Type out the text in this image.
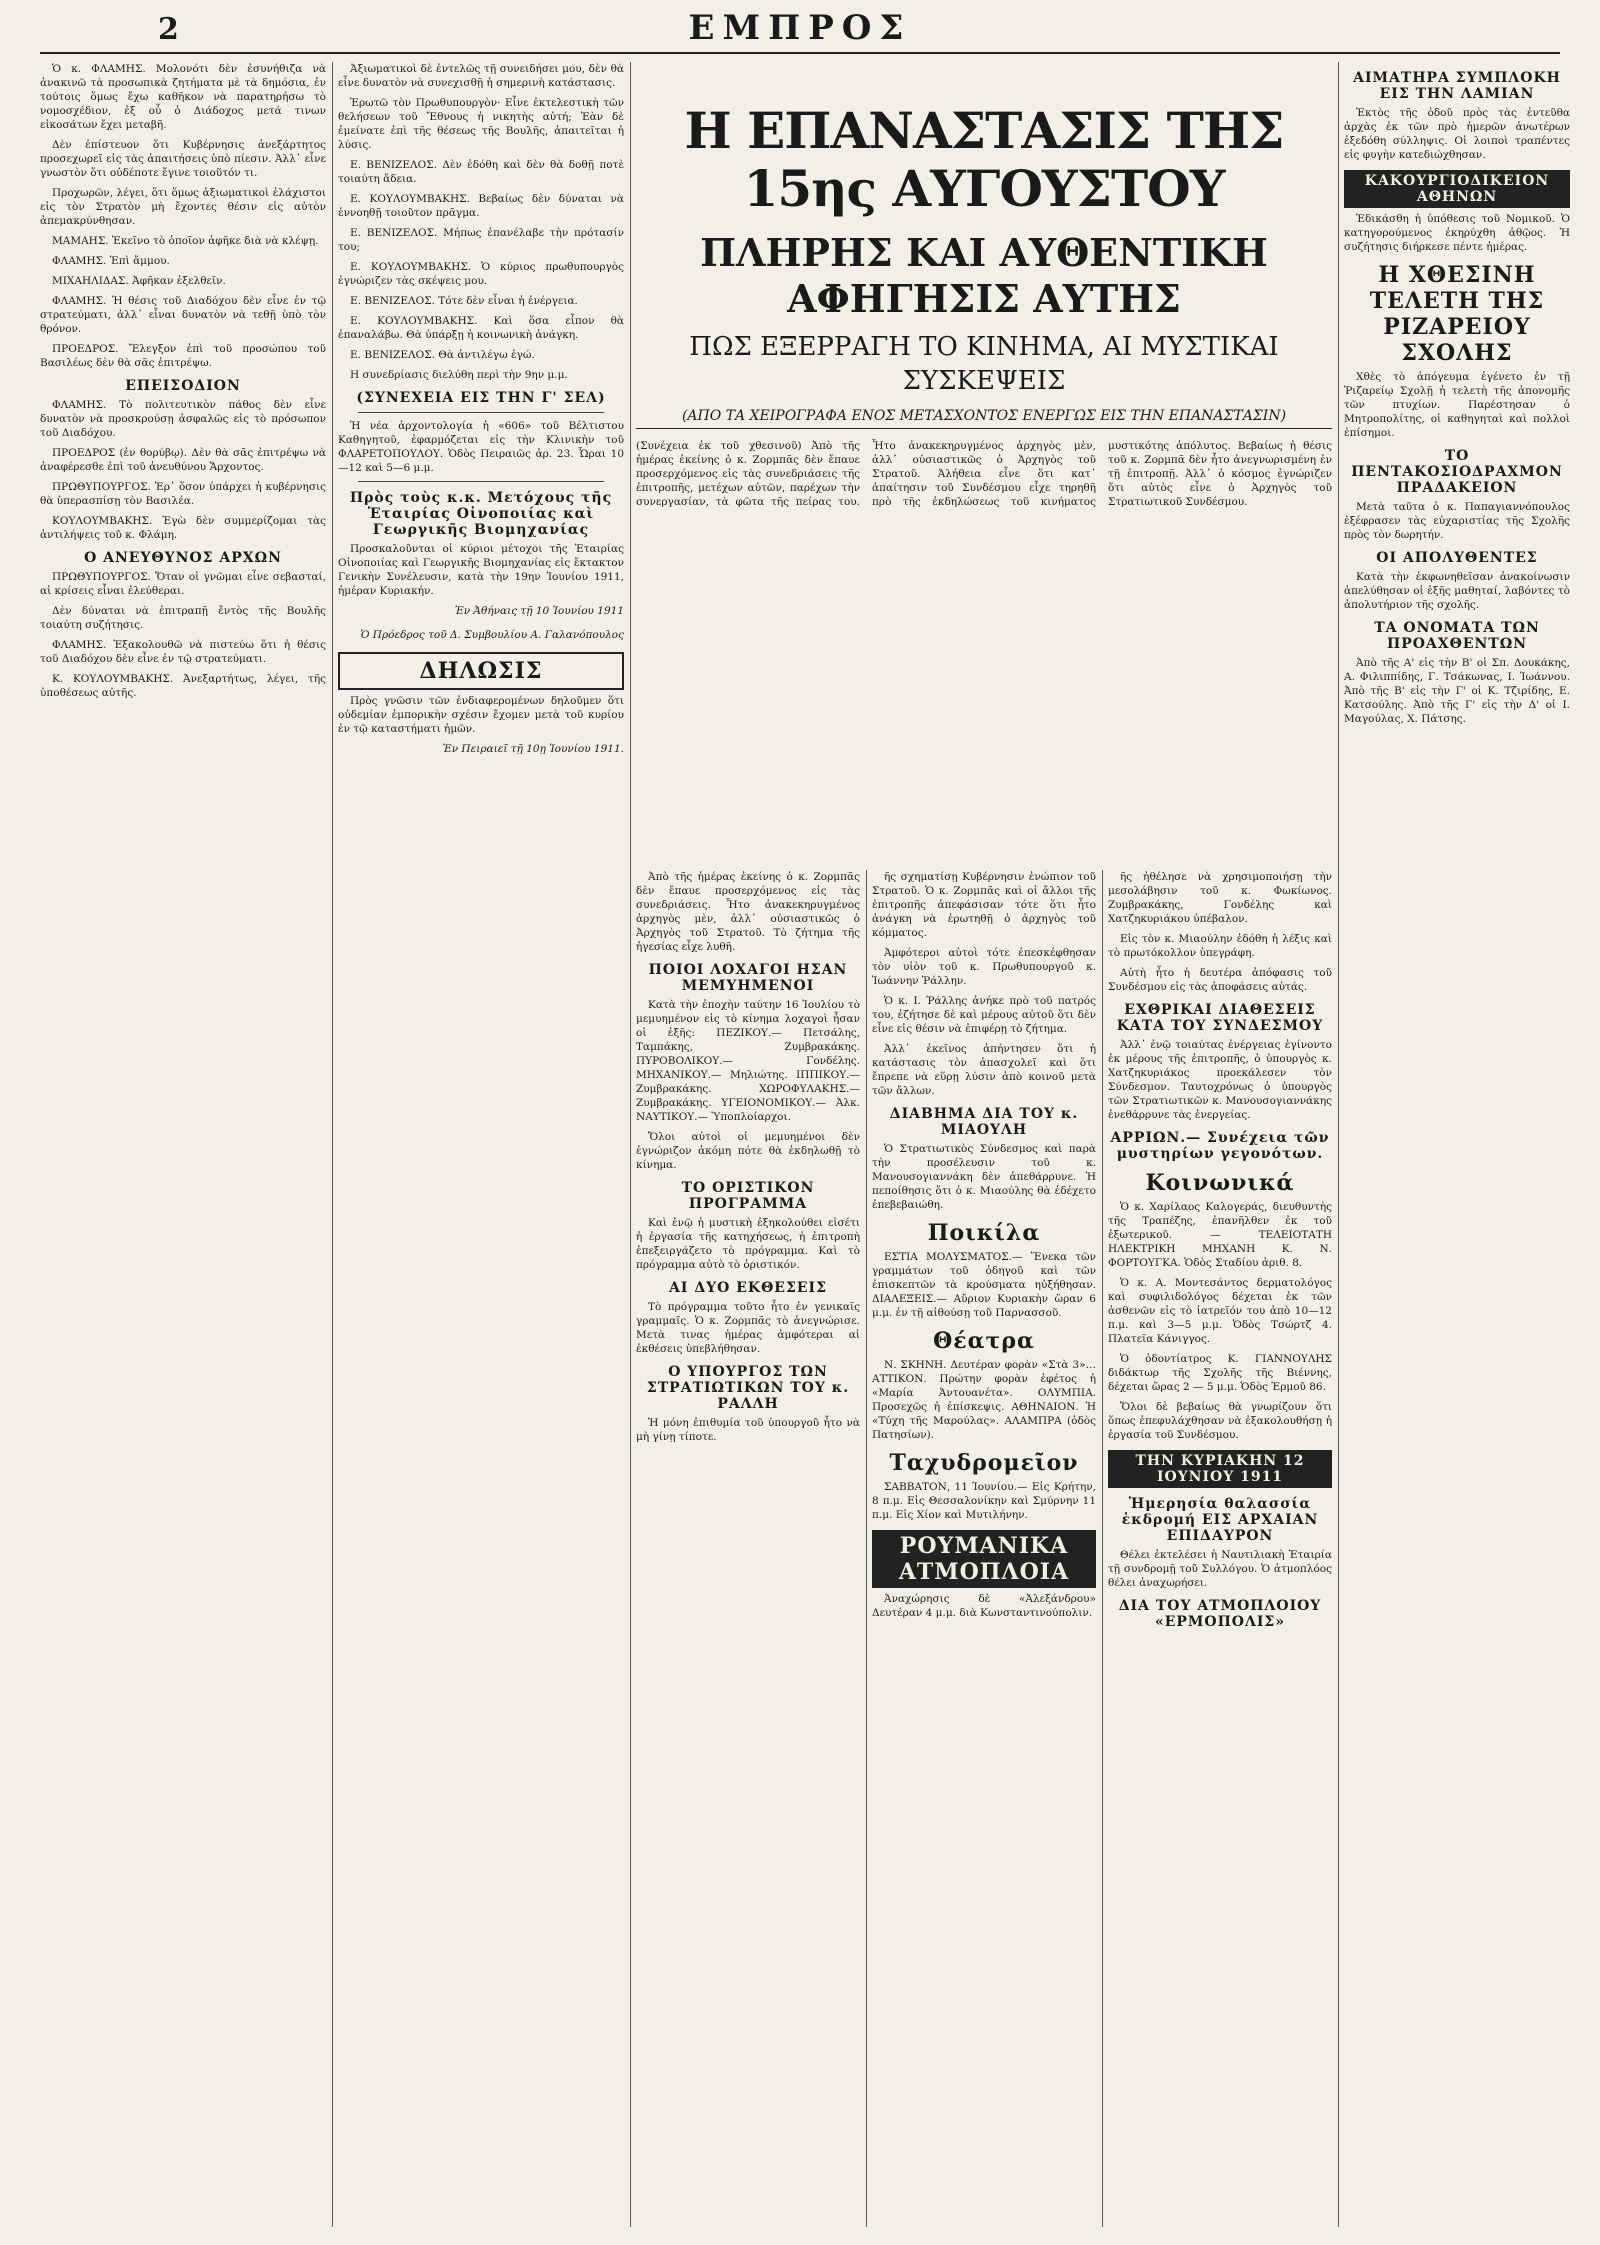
2	ΕΜΠΡΟΣ

Ὁ κ. ΦΛΑΜΗΣ. Μολονότι δὲν ἐσυνήθιζα νὰ ἀνακινῶ τὰ προσωπικὰ ζητήματα μὲ τὰ δημόσια, ἐν τούτοις ὅμως ἔχω καθῆκον νὰ παρατηρήσω τὸ νομοσχέδιον, ἐξ οὗ ὁ Διάδοχος μετά τινων εἰκοσάτων ἔχει μεταβῆ.

Δὲν ἐπίστευον ὅτι Κυβέρνησις ἀνεξάρτητος προσεχωρεῖ εἰς τὰς ἀπαιτήσεις ὑπὸ πίεσιν. Ἀλλ᾽ εἶνε γνωστὸν ὅτι οὐδέποτε ἔγινε τοιοῦτόν τι.

Προχωρῶν, λέγει, ὅτι ὅμως ἀξιωματικοὶ ἐλάχιστοι εἰς τὸν Στρατὸν μὴ ἔχοντες θέσιν εἰς αὐτὸν ἀπεμακρύνθησαν.

ΜΑΜΑΗΣ. Ἐκεῖνο τὸ ὁποῖον ἀφῆκε διὰ νὰ κλέψῃ.

ΦΛΑΜΗΣ. Ἐπὶ ἄμμου.

ΜΙΧΑΗΛΙΔΑΣ. Ἀφῆκαν ἐξελθεῖν.

ΦΛΑΜΗΣ. Ἡ θέσις τοῦ Διαδόχου δὲν εἶνε ἐν τῷ στρατεύματι, ἀλλ᾽ εἶναι δυνατὸν νὰ τεθῇ ὑπὸ τὸν θρόνον.

ΠΡΟΕΔΡΟΣ. Ἔλεγξον ἐπὶ τοῦ προσώπου τοῦ Βασιλέως δὲν θὰ σᾶς ἐπιτρέψω.

ΕΠΕΙΣΟΔΙΟΝ

ΦΛΑΜΗΣ. Τὸ πολιτευτικὸν πάθος δὲν εἶνε δυνατὸν νὰ προσκρούσῃ ἀσφαλῶς εἰς τὸ πρόσωπον τοῦ Διαδόχου.

ΠΡΟΕΔΡΟΣ (ἐν θορύβῳ). Δὲν θὰ σᾶς ἐπιτρέψω νὰ ἀναφέρεσθε ἐπὶ τοῦ ἀνευθύνου Ἄρχοντος.

ΠΡΩΘΥΠΟΥΡΓΟΣ. Ἐρ᾽ ὅσον ὑπάρχει ἡ κυβέρνησις θὰ ὑπερασπίσῃ τὸν Βασιλέα.

ΚΟΥΛΟΥΜΒΑΚΗΣ. Ἐγὼ δὲν συμμερίζομαι τὰς ἀντιλήψεις τοῦ κ. Φλάμη.

Ο ΑΝΕΥΘΥΝΟΣ ΑΡΧΩΝ

ΠΡΩΘΥΠΟΥΡΓΟΣ. Ὅταν οἱ γνῶμαι εἶνε σεβασταί, αἱ κρίσεις εἶναι ἐλεύθεραι.

Δὲν δύναται νὰ ἐπιτραπῇ ἔντὸς τῆς Βουλῆς τοιαύτη συζήτησις.

ΦΛΑΜΗΣ. Ἐξακολουθῶ νὰ πιστεύω ὅτι ἡ θέσις τοῦ Διαδόχου δὲν εἶνε ἐν τῷ στρατεύματι.

Κ. ΚΟΥΛΟΥΜΒΑΚΗΣ. Ἀνεξαρτήτως, λέγει, τῆς ὑποθέσεως αὐτῆς.

Ἀξιωματικοὶ δὲ ἐντελῶς τῇ συνειδήσει μου, δὲν θὰ εἶνε δυνατὸν νὰ συνεχισθῇ ἡ σημερινὴ κατάστασις.

Ἐρωτῶ τὸν Πρωθυπουργὸν· Εἶνε ἐκτελεστικὴ τῶν θελήσεων τοῦ Ἔθνους ἡ νικητὴς αὐτή; Ἐὰν δὲ ἐμείνατε ἐπὶ τῆς θέσεως τῆς Βουλῆς, ἀπαιτεῖται ἡ λύσις.

Ε. ΒΕΝΙΖΕΛΟΣ. Δὲν ἐδόθη καὶ δὲν θὰ δοθῇ ποτὲ τοιαύτη ἄδεια.

Ε. ΚΟΥΛΟΥΜΒΑΚΗΣ. Βεβαίως δὲν δύναται νὰ ἐννοηθῇ τοιοῦτον πρᾶγμα.

Ε. ΒΕΝΙΖΕΛΟΣ. Μήπως ἐπανέλαβε τὴν πρότασίν του;

Ε. ΚΟΥΛΟΥΜΒΑΚΗΣ. Ὁ κύριος πρωθυπουργὸς ἐγνώριζεν τὰς σκέψεις μου.

Ε. ΒΕΝΙΖΕΛΟΣ. Τότε δὲν εἶναι ἡ ἐνέργεια.

Ε. ΚΟΥΛΟΥΜΒΑΚΗΣ. Καὶ ὅσα εἶπον θὰ ἐπαναλάβω. Θὰ ὑπάρξῃ ἡ κοινωνικὴ ἀνάγκη.

Ε. ΒΕΝΙΖΕΛΟΣ. Θὰ ἀντιλέγω ἐγώ.

Η συνεδρίασις διελύθη περὶ τὴν 9ην μ.μ.

(ΣΥΝΕΧΕΙΑ ΕΙΣ ΤΗΝ Γ' ΣΕΛ)

Ἡ νέα ἀρχοντολογία ἡ «606» τοῦ Βέλτιστου Καθηγητοῦ, ἐφαρμόζεται εἰς τὴν Κλινικὴν τοῦ ΦΛΑΡΕΤΟΠΟΥΛΟΥ. Ὁδὸς Πειραιῶς ἀρ. 23. Ὧραι 10—12 καὶ 5—6 μ.μ.

Πρὸς τοὺς κ.κ. Μετόχους τῆς Ἑταιρίας Οἰνοποιίας καὶ Γεωργικῆς Βιομηχανίας

Προσκαλοῦνται οἱ κύριοι μέτοχοι τῆς Ἑταιρίας Οἰνοποιίας καὶ Γεωργικῆς Βιομηχανίας εἰς ἔκτακτον Γενικὴν Συνέλευσιν, κατὰ τὴν 19ην Ἰουνίου 1911, ἡμέραν Κυριακήν.

Ἐν Ἀθήναις τῇ 10 Ἰουνίου 1911
Ὁ Πρόεδρος τοῦ Δ. Συμβουλίου Α. Γαλανόπουλος
ΔΗΛΩΣΙΣ

Πρὸς γνῶσιν τῶν ἐνδιαφερομένων δηλοῦμεν ὅτι οὐδεμίαν ἐμπορικὴν σχέσιν ἔχομεν μετὰ τοῦ κυρίου ἐν τῷ καταστήματι ἡμῶν.

Ἐν Πειραιεῖ τῇ 10ῃ Ἰουνίου 1911.
Η ΕΠΑΝΑΣΤΑΣΙΣ ΤΗΣ 15ης ΑΥΓΟΥΣΤΟΥ
ΠΛΗΡΗΣ ΚΑΙ ΑΥΘΕΝΤΙΚΗ ΑΦΗΓΗΣΙΣ ΑΥΤΗΣ
ΠΩΣ ΕΞΕΡΡΑΓΗ ΤΟ ΚΙΝΗΜΑ, ΑΙ ΜΥΣΤΙΚΑΙ ΣΥΣΚΕΨΕΙΣ
(ΑΠΟ ΤΑ ΧΕΙΡΟΓΡΑΦΑ ΕΝΟΣ ΜΕΤΑΣΧΟΝΤΟΣ ΕΝΕΡΓΩΣ ΕΙΣ ΤΗΝ ΕΠΑΝΑΣΤΑΣΙΝ)
(Συνέχεια ἐκ τοῦ χθεσινοῦ) Ἀπὸ τῆς ἡμέρας ἐκείνης ὁ κ. Ζορμπᾶς δὲν ἔπαυε προσερχόμενος εἰς τὰς συνεδριάσεις τῆς ἐπιτροπῆς, μετέχων αὐτῶν, παρέχων τὴν συνεργασίαν, τὰ φῶτα τῆς πείρας του. Ἦτο ἀνακεκηρυγμένος ἀρχηγὸς μὲν, ἀλλ᾽ οὐσιαστικῶς ὁ Ἀρχηγὸς τοῦ Στρατοῦ. Ἀλήθεια εἶνε ὅτι κατ᾽ ἀπαίτησιν τοῦ Συνδέσμου εἶχε τηρηθῆ πρὸ τῆς ἐκδηλώσεως τοῦ κινήματος μυστικότης ἀπόλυτος. Βεβαίως ἡ θέσις τοῦ κ. Ζορμπᾶ δὲν ἦτο ἀνεγνωρισμένη ἐν τῇ ἐπιτροπῇ. Ἀλλ᾽ ὁ κόσμος ἐγνώριζεν ὅτι αὐτὸς εἶνε ὁ Ἀρχηγὸς τοῦ Στρατιωτικοῦ Συνδέσμου.

Ἀπὸ τῆς ἡμέρας ἐκείνης ὁ κ. Ζορμπᾶς δὲν ἔπαυε προσερχόμενος εἰς τὰς συνεδριάσεις. Ἦτο ἀνακεκηρυγμένος ἀρχηγὸς μὲν, ἀλλ᾽ οὐσιαστικῶς ὁ Ἀρχηγὸς τοῦ Στρατοῦ. Τὸ ζήτημα τῆς ἡγεσίας εἶχε λυθῆ.

ΠΟΙΟΙ ΛΟΧΑΓΟΙ ΗΣΑΝ ΜΕΜΥΗΜΕΝΟΙ

Κατὰ τὴν ἐποχὴν ταύτην 16 Ἰουλίου τὸ μεμυημένον εἰς τὸ κίνημα λοχαγοὶ ἦσαν οἱ ἑξῆς: ΠΕΖΙΚΟΥ.— Πετσάλης, Ταμπάκης, Ζυμβρακάκης. ΠΥΡΟΒΟΛΙΚΟΥ.— Γονδέλης. ΜΗΧΑΝΙΚΟΥ.— Μηλιώτης. ΙΠΠΙΚΟΥ.— Ζυμβρακάκης. ΧΩΡΟΦΥΛΑΚΗΣ.— Ζυμβρακάκης. ΥΓΕΙΟΝΟΜΙΚΟΥ.— Ἀλκ. ΝΑΥΤΙΚΟΥ.— Ὑποπλοίαρχοι.

Ὅλοι αὐτοὶ οἱ μεμυημένοι δὲν ἐγνώριζον ἀκόμη πότε θὰ ἐκδηλωθῇ τὸ κίνημα.

ΤΟ ΟΡΙΣΤΙΚΟΝ ΠΡΟΓΡΑΜΜΑ

Καὶ ἐνῷ ἡ μυστικὴ ἐξηκολούθει εἰσέτι ἡ ἐργασία τῆς κατηχήσεως, ἡ ἐπιτροπὴ ἐπεξειργάζετο τὸ πρόγραμμα. Καὶ τὸ πρόγραμμα αὐτὸ τὸ ὁριστικόν.

ΑΙ ΔΥΟ ΕΚΘΕΣΕΙΣ

Τὸ πρόγραμμα τοῦτο ἦτο ἐν γενικαῖς γραμμαῖς. Ὁ κ. Ζορμπᾶς τὸ ἀνεγνώρισε. Μετὰ τινας ἡμέρας ἀμφότεραι αἱ ἐκθέσεις ὑπεβλήθησαν.

Ο ΥΠΟΥΡΓΟΣ ΤΩΝ ΣΤΡΑΤΙΩΤΙΚΩΝ ΤΟΥ κ. ΡΑΛΛΗ

Ἡ μόνη ἐπιθυμία τοῦ ὑπουργοῦ ἦτο νὰ μὴ γίνῃ τίποτε.

ῆς σχηματίσῃ Κυβέρνησιν ἐνώπιον τοῦ Στρατοῦ. Ὁ κ. Ζορμπᾶς καὶ οἱ ἄλλοι τῆς ἐπιτροπῆς ἀπεφάσισαν τότε ὅτι ἦτο ἀνάγκη νὰ ἐρωτηθῇ ὁ ἀρχηγὸς τοῦ κόμματος.

Ἀμφότεροι αὐτοὶ τότε ἐπεσκέφθησαν τὸν υἱὸν τοῦ κ. Πρωθυπουργοῦ κ. Ἰωάννην Ῥάλλην.

Ὁ κ. Ι. Ῥάλλης ἀνήκε πρὸ τοῦ πατρός του, ἐζήτησε δὲ καὶ μέρους αὐτοῦ ὅτι δὲν εἶνε εἰς θέσιν νὰ ἐπιφέρῃ τὸ ζήτημα.

Ἀλλ᾽ ἐκεῖνος ἀπήντησεν ὅτι ἡ κατάστασις τὸν ἀπασχολεῖ καὶ ὅτι ἔπρεπε νὰ εὕρῃ λύσιν ἀπὸ κοινοῦ μετὰ τῶν ἄλλων.

ΔΙΑΒΗΜΑ ΔΙΑ ΤΟΥ κ. ΜΙΑΟΥΛΗ

Ὁ Στρατιωτικὸς Σύνδεσμος καὶ παρὰ τὴν προσέλευσιν τοῦ κ. Μανουσογιαννάκη δὲν ἀπεθάρρυνε. Ἡ πεποίθησις ὅτι ὁ κ. Μιαούλης θὰ ἐδέχετο ἐπεβεβαιώθη.

Ποικίλα

ΕΣΤΙΑ ΜΟΛΥΣΜΑΤΟΣ.— Ἕνεκα τῶν γραμμάτων τοῦ ὁδηγοῦ καὶ τῶν ἐπισκεπτῶν τὰ κρούσματα ηὐξήθησαν. ΔΙΑΛΕΞΕΙΣ.— Αὔριον Κυριακὴν ὥραν 6 μ.μ. ἐν τῇ αἰθούσῃ τοῦ Παρνασσοῦ.

Θέατρα

Ν. ΣΚΗΝΗ. Δευτέραν φορὰν «Στὰ 3»… ΑΤΤΙΚΟΝ. Πρώτην φορὰν ἐφέτος ἡ «Μαρία Ἀντουανέτα». ΟΛΥΜΠΙΑ. Προσεχῶς ἡ ἐπίσκεψις. ΑΘΗΝΑΙΟΝ. Ἡ «Τύχη τῆς Μαρούλας». ΑΛΑΜΠΡΑ (ὁδὸς Πατησίων).

Ταχυδρομεῖον

ΣΑΒΒΑΤΟΝ, 11 Ἰουνίου.— Εἰς Κρήτην, 8 π.μ. Εἰς Θεσσαλονίκην καὶ Σμύρνην 11 π.μ. Εἰς Χίον καὶ Μυτιλήνην.

ΡΟΥΜΑΝΙΚΑ ΑΤΜΟΠΛΟΙΑ

Ἀναχώρησις δὲ «Ἀλεξάνδρου» Δευτέραν 4 μ.μ. διὰ Κωνσταντινούπολιν.

ῆς ἠθέλησε νὰ χρησιμοποιήσῃ τὴν μεσολάβησιν τοῦ κ. Φωκίωνος. Ζυμβρακάκης, Γονδέλης καὶ Χατζηκυριάκου ὑπέβαλον.

Εἰς τὸν κ. Μιαούλην ἐδόθη ἡ λέξις καὶ τὸ πρωτόκολλον ὑπεγράφη.

Αὐτὴ ἦτο ἡ δευτέρα ἀπόφασις τοῦ Συνδέσμου εἰς τὰς ἀποφάσεις αὐτάς.

ΕΧΘΡΙΚΑΙ ΔΙΑΘΕΣΕΙΣ ΚΑΤΑ ΤΟΥ ΣΥΝΔΕΣΜΟΥ

Ἀλλ᾽ ἐνῷ τοιαύτας ἐνέργειας ἐγίνοντο ἐκ μέρους τῆς ἐπιτροπῆς, ὁ ὑπουργὸς κ. Χατζηκυριάκος προεκάλεσεν τὸν Σύνδεσμον. Ταυτοχρόνως ὁ ὑπουργὸς τῶν Στρατιωτικῶν κ. Μανουσογιαννάκης ἐνεθάρρυνε τὰς ἐνεργείας.

ΑΡΡΙΩΝ.— Συνέχεια τῶν μυστηρίων γεγονότων.
Κοινωνικά

Ὁ κ. Χαρίλαος Καλογεράς, διευθυντὴς τῆς Τραπέζης, ἐπανῆλθεν ἐκ τοῦ ἐξωτερικοῦ. — ΤΕΛΕΙΟΤΑΤΗ ΗΛΕΚΤΡΙΚΗ ΜΗΧΑΝΗ Κ. Ν. ΦΟΡΤΟΥΓΚΑ. Ὁδὸς Σταδίου ἀριθ. 8.

Ὁ κ. Α. Μοντεσάντος δερματολόγος καὶ συφιλιδολόγος δέχεται ἐκ τῶν ἀσθενῶν εἰς τὸ ἰατρεῖόν του ἀπὸ 10—12 π.μ. καὶ 3—5 μ.μ. Ὁδὸς Τσώρτζ 4. Πλατεῖα Κάνιγγος.

Ὁ ὀδοντίατρος Κ. ΓΙΑΝΝΟΥΛΗΣ διδάκτωρ τῆς Σχολῆς τῆς Βιέννης, δέχεται ὥρας 2 — 5 μ.μ. Ὁδὸς Ἑρμοῦ 86.

Ὅλοι δὲ βεβαίως θὰ γνωρίζουν ὅτι ὅπως ἐπεφυλάχθησαν νὰ ἐξακολουθήσῃ ἡ ἐργασία τοῦ Συνδέσμου.

ΤΗΝ ΚΥΡΙΑΚΗΝ 12 ΙΟΥΝΙΟΥ 1911
Ἡμερησία θαλασσία ἐκδρομή ΕΙΣ ΑΡΧΑΙΑΝ ΕΠΙΔΑΥΡΟΝ

Θέλει ἐκτελέσει ἡ Ναυτιλιακὴ Ἑταιρία τῇ συνδρομῇ τοῦ Συλλόγου. Ὁ ἀτμοπλόος θέλει ἀναχωρήσει.

ΔΙΑ ΤΟΥ ΑΤΜΟΠΛΟΙΟΥ «ΕΡΜΟΠΟΛΙΣ»
ΑΙΜΑΤΗΡΑ ΣΥΜΠΛΟΚΗ ΕΙΣ ΤΗΝ ΛΑΜΙΑΝ

Ἐκτὸς τῆς ὁδοῦ πρὸς τὰς ἐντεῦθα ἀρχὰς ἐκ τῶν πρὸ ἡμερῶν ἀνωτέρων ἐξεδόθη σύλληψις. Οἱ λοιποὶ τραπέντες εἰς φυγὴν κατεδιώχθησαν.

ΚΑΚΟΥΡΓΙΟΔΙΚΕΙΟΝ ΑΘΗΝΩΝ

Ἐδικάσθη ἡ ὑπόθεσις τοῦ Νομικοῦ. Ὁ κατηγορούμενος ἐκηρύχθη ἀθῷος. Ἡ συζήτησις διήρκεσε πέντε ἡμέρας.

Η ΧΘΕΣΙΝΗ ΤΕΛΕΤΗ ΤΗΣ ΡΙΖΑΡΕΙΟΥ ΣΧΟΛΗΣ

Χθὲς τὸ ἀπόγευμα ἐγένετο ἐν τῇ Ῥιζαρείῳ Σχολῇ ἡ τελετὴ τῆς ἀπονομῆς τῶν πτυχίων. Παρέστησαν ὁ Μητροπολίτης, οἱ καθηγηταὶ καὶ πολλοὶ ἐπίσημοι.

ΤΟ ΠΕΝΤΑΚΟΣΙΟΔΡΑΧΜΟΝ ΠΡΑΔΑΚΕΙΟΝ

Μετὰ ταῦτα ὁ κ. Παπαγιαννόπουλος ἐξέφρασεν τὰς εὐχαριστίας τῆς Σχολῆς πρὸς τὸν δωρητήν.

ΟΙ ΑΠΟΛΥΘΕΝΤΕΣ

Κατὰ τὴν ἐκφωνηθεῖσαν ἀνακοίνωσιν ἀπελύθησαν οἱ ἑξῆς μαθηταί, λαβόντες τὸ ἀπολυτήριον τῆς σχολῆς.

ΤΑ ΟΝΟΜΑΤΑ ΤΩΝ ΠΡΟΑΧΘΕΝΤΩΝ

Ἀπὸ τῆς Α' εἰς τὴν Β' οἱ Σπ. Δουκάκης, Α. Φιλιππίδης, Γ. Τσάκωνας, Ι. Ἰωάννου. Ἀπὸ τῆς Β' εἰς τὴν Γ' οἱ Κ. Τζιρίδης, Ε. Κατσούλης. Ἀπὸ τῆς Γ' εἰς τὴν Δ' οἱ Ι. Μαγούλας, Χ. Πάτσης.
